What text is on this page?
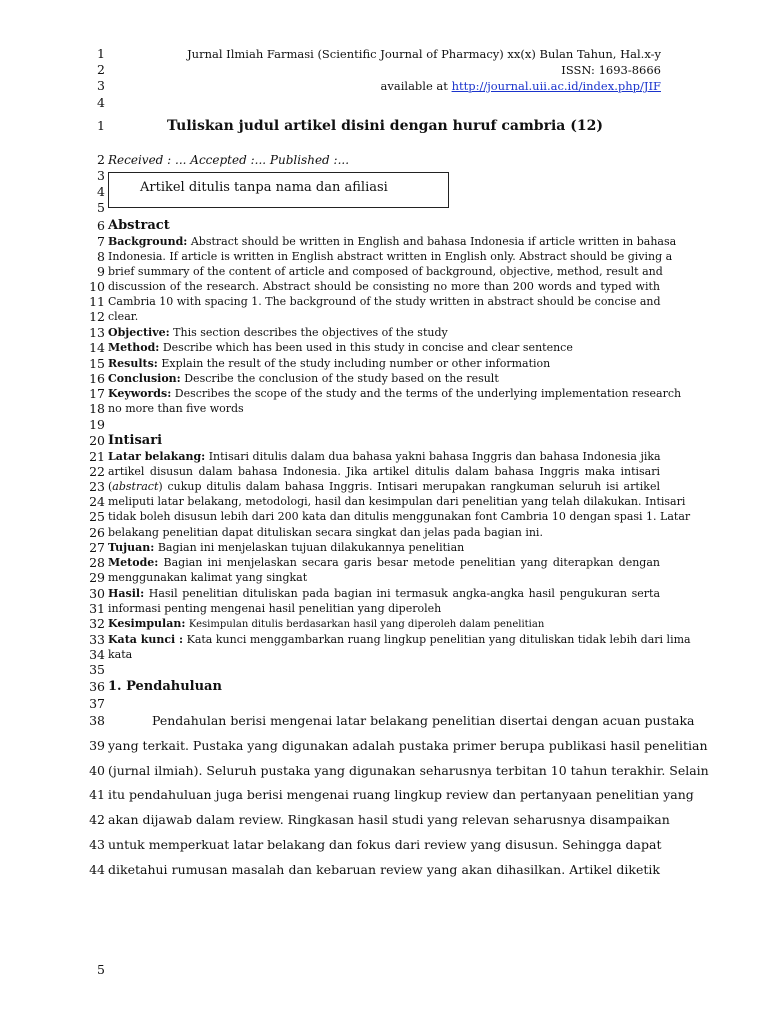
1
2
3
4
Jurnal Ilmiah Farmasi (Scientific Journal of Pharmacy) xx(x) Bulan Tahun, Hal.x-y
ISSN: 1693-8666
available at http://journal.uii.ac.id/index.php/JIF
1	Tuliskan judul artikel disini dengan huruf cambria (12)
2 Received : ... Accepted :... Published :...
3
4
5
Artikel ditulis tanpa nama dan afiliasi
6 Abstract
7 Background: Abstract should be written in English and bahasa Indonesia if article written in bahasa
8 Indonesia. If article is written in English abstract written in English only. Abstract should be giving a
9 brief summary of the content of article and composed of background, objective, method, result and
10 discussion of the research. Abstract should be consisting no more than 200 words and typed with
11 Cambria 10 with spacing 1. The background of the study written in abstract should be concise and
12 clear.
13 Objective: This section describes the objectives of the study
14 Method: Describe which has been used in this study in concise and clear sentence
15 Results: Explain the result of the study including number or other information
16 Conclusion: Describe the conclusion of the study based on the result
17 Keywords: Describes the scope of the study and the terms of the underlying implementation research
18 no more than five words
19
20 Intisari
21 Latar belakang: Intisari ditulis dalam dua bahasa yakni bahasa Inggris dan bahasa Indonesia jika
22 artikel disusun dalam bahasa Indonesia. Jika artikel ditulis dalam bahasa Inggris maka intisari
23 (abstract) cukup ditulis dalam bahasa Inggris. Intisari merupakan rangkuman seluruh isi artikel
24 meliputi latar belakang, metodologi, hasil dan kesimpulan dari penelitian yang telah dilakukan. Intisari
25 tidak boleh disusun lebih dari 200 kata dan ditulis menggunakan font Cambria 10 dengan spasi 1. Latar
26 belakang penelitian dapat dituliskan secara singkat dan jelas pada bagian ini.
27 Tujuan: Bagian ini menjelaskan tujuan dilakukannya penelitian
28 Metode: Bagian ini menjelaskan secara garis besar metode penelitian yang diterapkan dengan
29 menggunakan kalimat yang singkat
30 Hasil: Hasil penelitian dituliskan pada bagian ini termasuk angka-angka hasil pengukuran serta
31 informasi penting mengenai hasil penelitian yang diperoleh
32 Kesimpulan: Kesimpulan ditulis berdasarkan hasil yang diperoleh dalam penelitian
33 Kata kunci : Kata kunci menggambarkan ruang lingkup penelitian yang dituliskan tidak lebih dari lima
34 kata
35
36 1. Pendahuluan
37
38	Pendahulan berisi mengenai latar belakang penelitian disertai dengan acuan pustaka
39 yang terkait. Pustaka yang digunakan adalah pustaka primer berupa publikasi hasil penelitian
40 (jurnal ilmiah). Seluruh pustaka yang digunakan seharusnya terbitan 10 tahun terakhir. Selain
41 itu pendahuluan juga berisi mengenai ruang lingkup review dan pertanyaan penelitian yang
42 akan dijawab dalam review. Ringkasan hasil studi yang relevan seharusnya disampaikan
43 untuk memperkuat latar belakang dan fokus dari review yang disusun. Sehingga dapat
44 diketahui rumusan masalah dan kebaruan review yang akan dihasilkan. Artikel diketik
5
